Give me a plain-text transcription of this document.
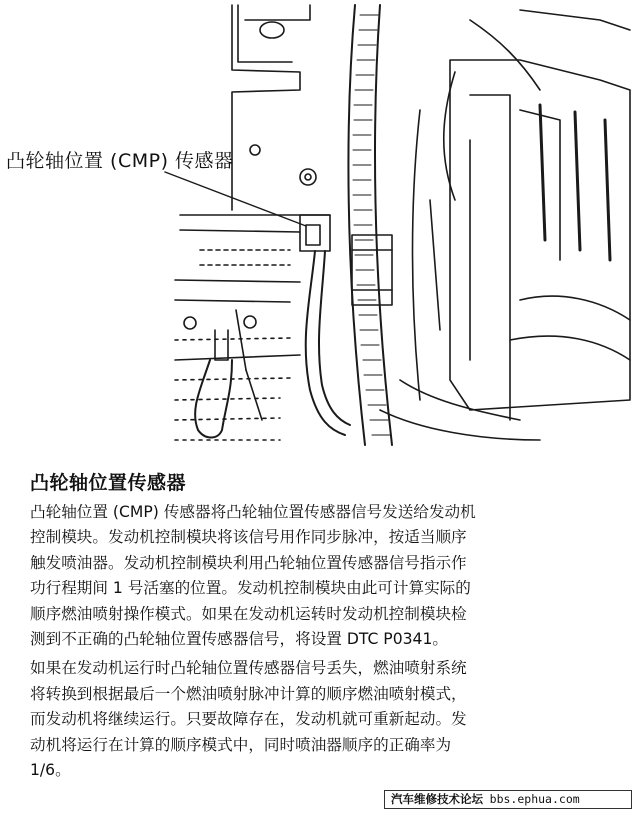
凸轮轴位置 (CMP) 传感器
凸轮轴位置传感器

凸轮轴位置 (CMP) 传感器将凸轮轴位置传感器信号发送给发动机控制模块。发动机控制模块将该信号用作同步脉冲，按适当顺序触发喷油器。发动机控制模块利用凸轮轴位置传感器信号指示作功行程期间 1 号活塞的位置。发动机控制模块由此可计算实际的顺序燃油喷射操作模式。如果在发动机运转时发动机控制模块检测到不正确的凸轮轴位置传感器信号，将设置 DTC P0341。

如果在发动机运行时凸轮轴位置传感器信号丢失，燃油喷射系统将转换到根据最后一个燃油喷射脉冲计算的顺序燃油喷射模式，而发动机将继续运行。只要故障存在，发动机就可重新起动。发动机将运行在计算的顺序模式中，同时喷油器顺序的正确率为 1/6。

汽车维修技术论坛 bbs.ephua.com
